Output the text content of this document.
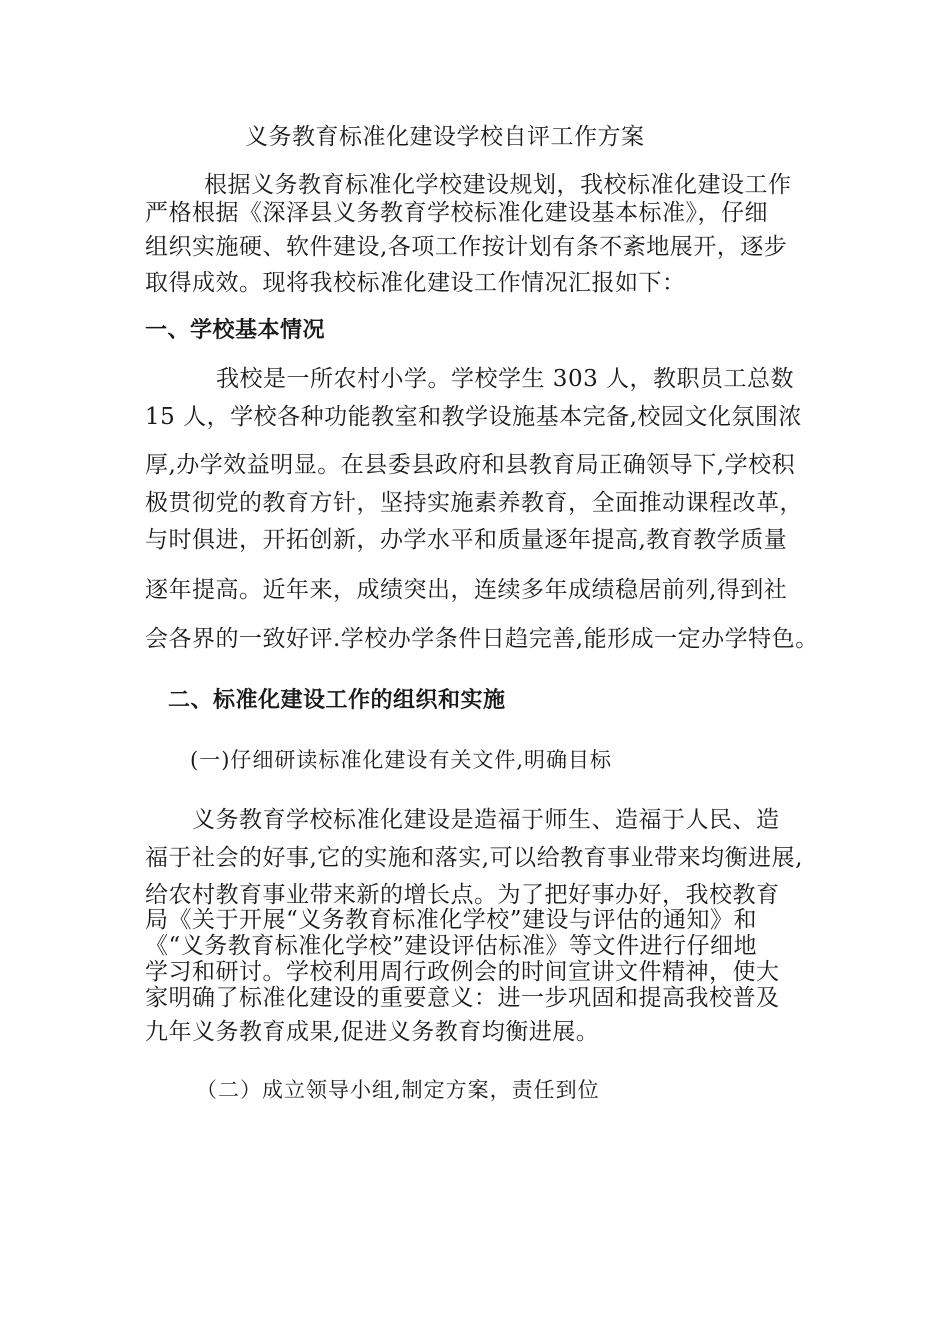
义务教育标准化建设学校自评工作方案
根据义务教育标准化学校建设规划，我校标准化建设工作
严格根据《深泽县义务教育学校标准化建设基本标准》，仔细
组织实施硬、软件建设,各项工作按计划有条不紊地展开，逐步
取得成效。现将我校标准化建设工作情况汇报如下：
一、学校基本情况
我校是一所农村小学。学校学生 303 人，教职员工总数
15 人，学校各种功能教室和教学设施基本完备,校园文化氛围浓
厚,办学效益明显。在县委县政府和县教育局正确领导下,学校积
极贯彻党的教育方针，坚持实施素养教育，全面推动课程改革，
与时俱进，开拓创新，办学水平和质量逐年提高,教育教学质量
逐年提高。近年来，成绩突出，连续多年成绩稳居前列,得到社
会各界的一致好评.学校办学条件日趋完善,能形成一定办学特色。
二、标准化建设工作的组织和实施
(一)仔细研读标准化建设有关文件,明确目标
义务教育学校标准化建设是造福于师生、造福于人民、造
福于社会的好事,它的实施和落实,可以给教育事业带来均衡进展,
给农村教育事业带来新的增长点。为了把好事办好，我校教育
局《关于开展“义务教育标准化学校”建设与评估的通知》和
《“义务教育标准化学校”建设评估标准》等文件进行仔细地
学习和研讨。学校利用周行政例会的时间宣讲文件精神，使大
家明确了标准化建设的重要意义：进一步巩固和提高我校普及
九年义务教育成果,促进义务教育均衡进展。
（二）成立领导小组,制定方案，责任到位
